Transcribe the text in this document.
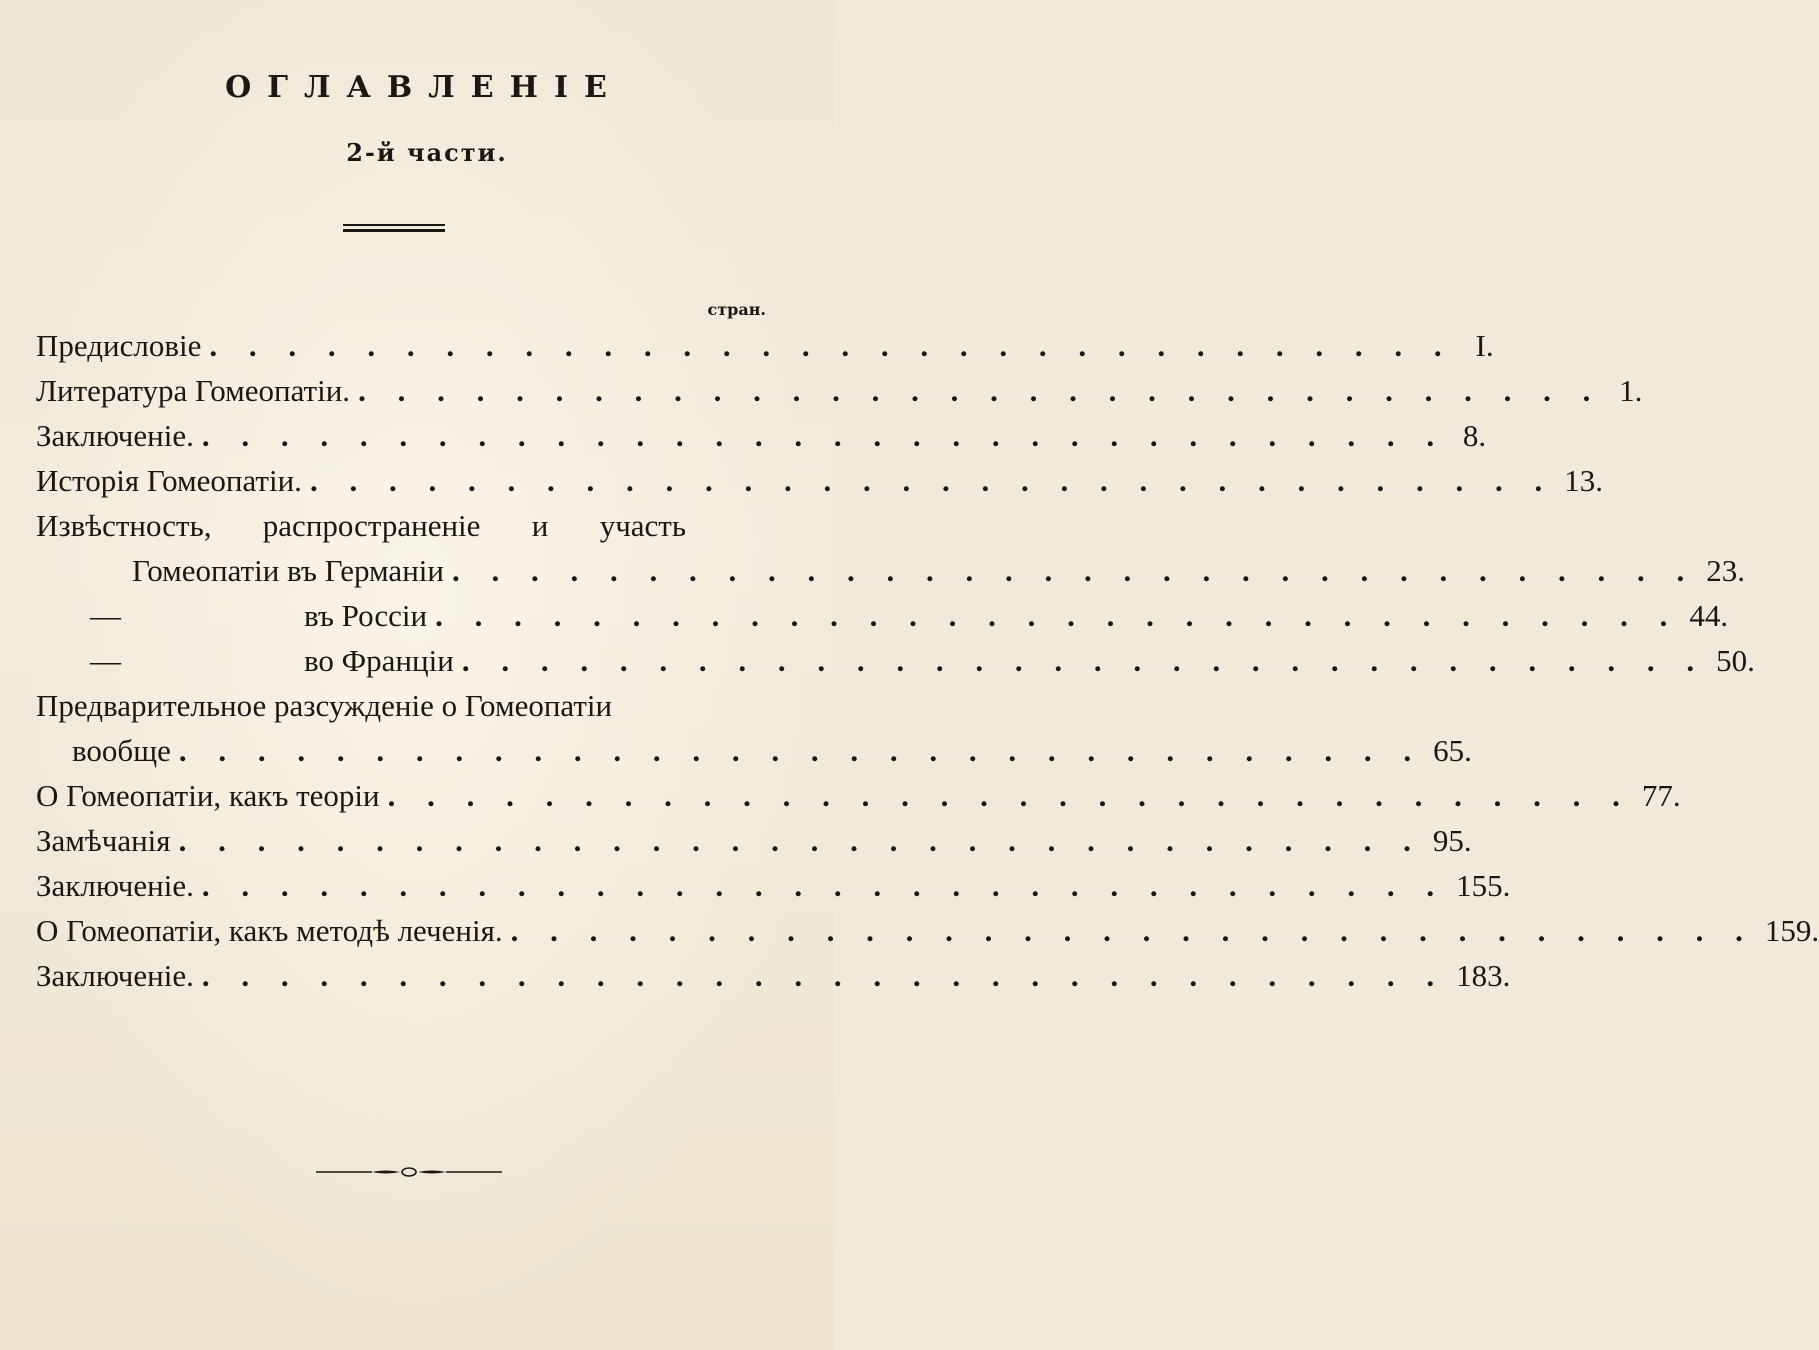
ОГЛАВЛЕНІЕ
2-й части.
стран.
Предисловіе . . . . . . . . . . . . . . . . . . . . . . . . . . . . . . . . I.
Литература Гомеопатіи. . . . . . . . . . . . . . . . . . . . . . . . . . . . . . . . . 1.
Заключеніе. . . . . . . . . . . . . . . . . . . . . . . . . . . . . . . . . 8.
Исторія Гомеопатіи. . . . . . . . . . . . . . . . . . . . . . . . . . . . . . . . . 13.
Извѣстность, распространеніе и участь
Гомеопатіи въ Германіи . . . . . . . . . . . . . . . . . . . . . . . . . . . . . . . . 23.
—	въ Россіи . . . . . . . . . . . . . . . . . . . . . . . . . . . . . . . . 44.
—	во Франціи . . . . . . . . . . . . . . . . . . . . . . . . . . . . . . . . 50.
Предварительное разсужденіе о Гомеопатіи
вообще . . . . . . . . . . . . . . . . . . . . . . . . . . . . . . . . 65.
О Гомеопатіи, какъ теоріи . . . . . . . . . . . . . . . . . . . . . . . . . . . . . . . . 77.
Замѣчанія . . . . . . . . . . . . . . . . . . . . . . . . . . . . . . . . 95.
Заключеніе. . . . . . . . . . . . . . . . . . . . . . . . . . . . . . . . . 155.
О Гомеопатіи, какъ методѣ леченія. . . . . . . . . . . . . . . . . . . . . . . . . . . . . . . . . 159.
Заключеніе. . . . . . . . . . . . . . . . . . . . . . . . . . . . . . . . . 183.
